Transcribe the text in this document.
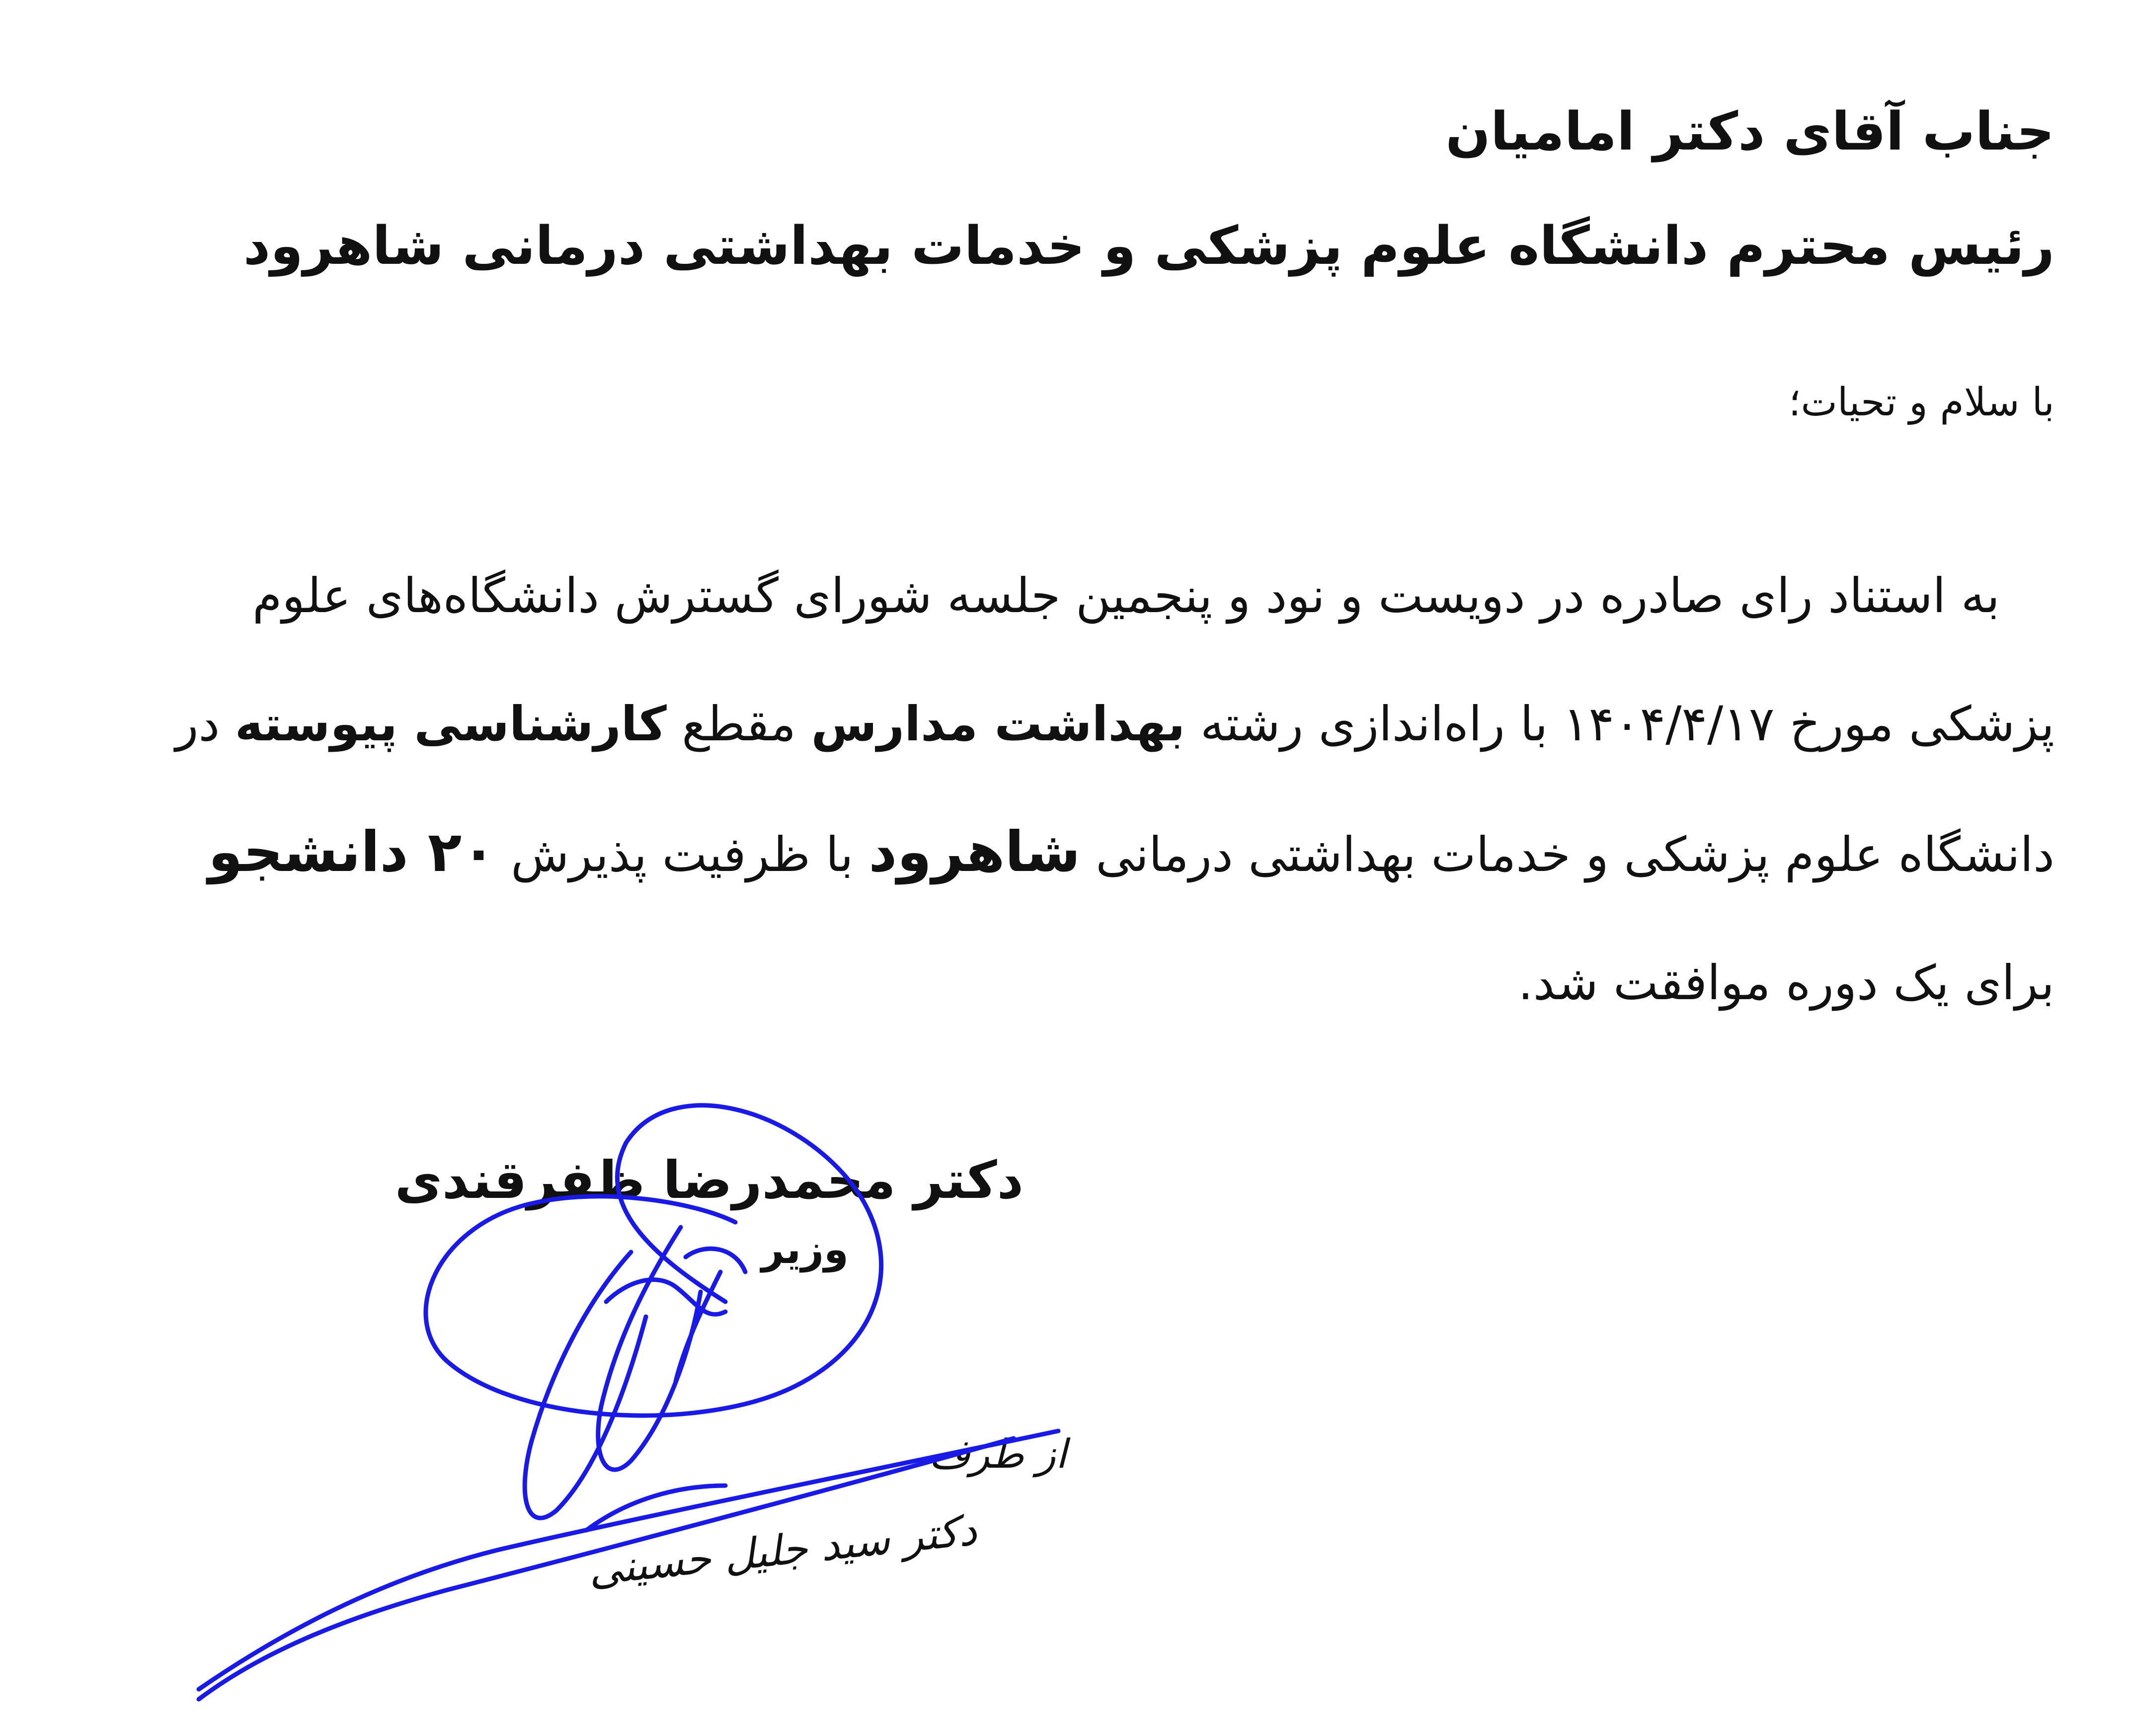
جناب آقای دکتر امامیان
رئیس محترم دانشگاه علوم پزشکی و خدمات بهداشتی درمانی شاهرود
با سلام و تحیات؛
به استناد رای صادره در دویست و نود و پنجمین جلسه شورای گسترش دانشگاه‌های علوم
پزشکی مورخ ۱۴۰۴/۴/۱۷ با راه‌اندازی رشته بهداشت مدارس مقطع کارشناسی پیوسته در
دانشگاه علوم پزشکی و خدمات بهداشتی درمانی شاهرود با ظرفیت پذیرش ۲۰ دانشجو
برای یک دوره موافقت شد.
دکتر محمدرضا ظفرقندی
وزیر
از طرف
دکتر سید جلیل حسینی
